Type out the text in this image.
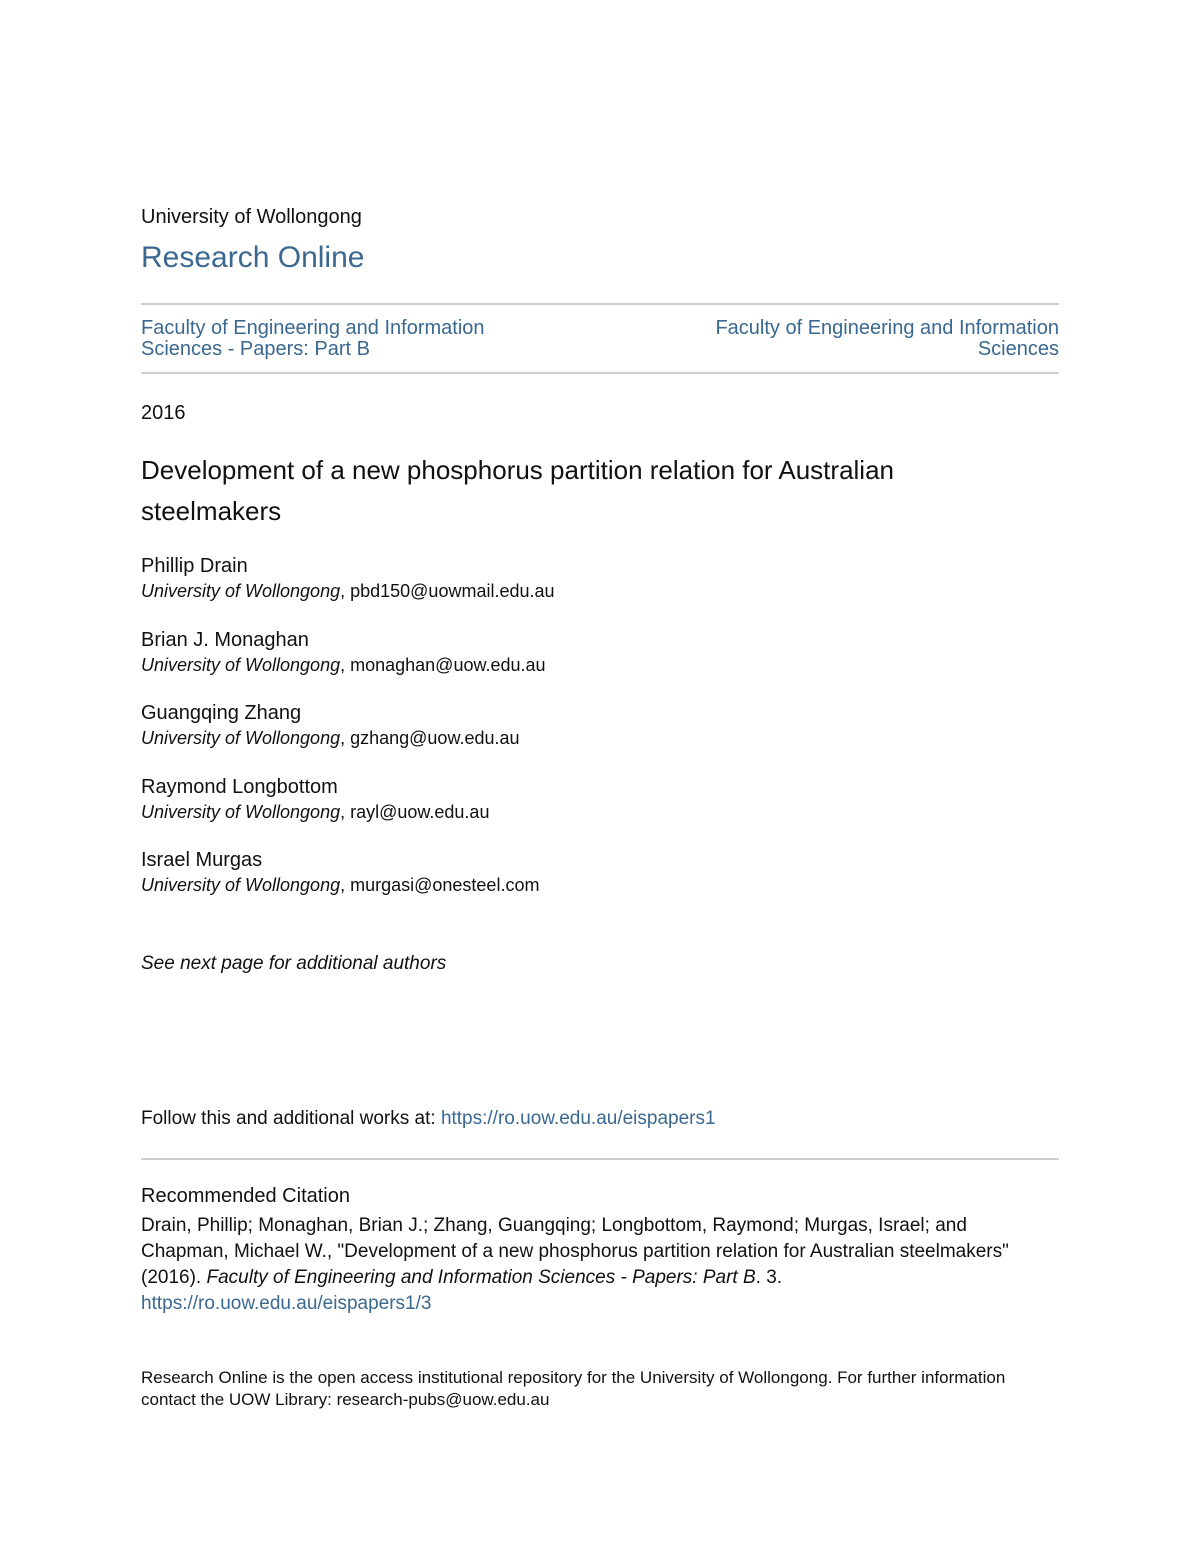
University of Wollongong
Research Online
Faculty of Engineering and Information Sciences - Papers: Part B
Faculty of Engineering and Information Sciences
2016
Development of a new phosphorus partition relation for Australian steelmakers
Phillip Drain
University of Wollongong, pbd150@uowmail.edu.au
Brian J. Monaghan
University of Wollongong, monaghan@uow.edu.au
Guangqing Zhang
University of Wollongong, gzhang@uow.edu.au
Raymond Longbottom
University of Wollongong, rayl@uow.edu.au
Israel Murgas
University of Wollongong, murgasi@onesteel.com
See next page for additional authors
Follow this and additional works at: https://ro.uow.edu.au/eispapers1
Recommended Citation
Drain, Phillip; Monaghan, Brian J.; Zhang, Guangqing; Longbottom, Raymond; Murgas, Israel; and Chapman, Michael W., "Development of a new phosphorus partition relation for Australian steelmakers" (2016). Faculty of Engineering and Information Sciences - Papers: Part B. 3.
https://ro.uow.edu.au/eispapers1/3
Research Online is the open access institutional repository for the University of Wollongong. For further information contact the UOW Library: research-pubs@uow.edu.au
